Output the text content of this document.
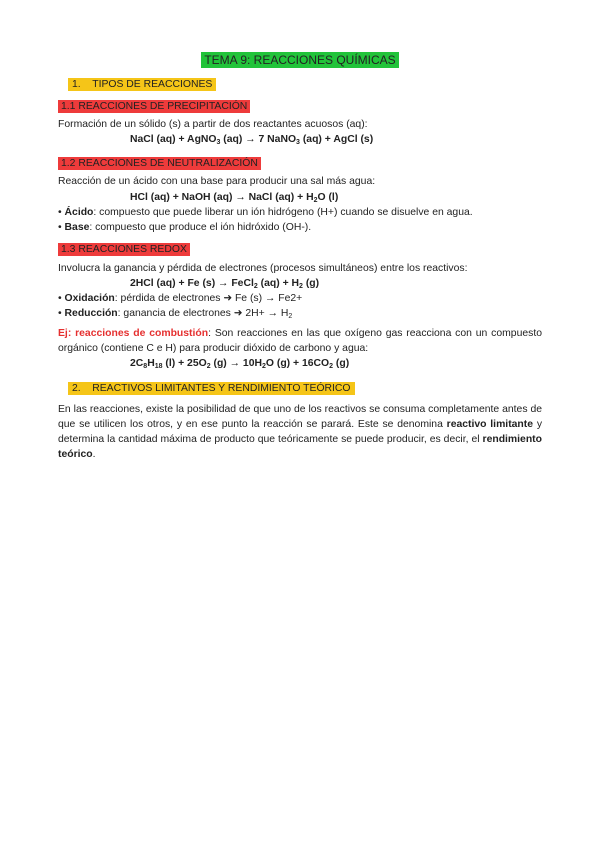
TEMA 9: REACCIONES QUÍMICAS
1. TIPOS DE REACCIONES
1.1 REACCIONES DE PRECIPITACIÓN
Formación de un sólido (s) a partir de dos reactantes acuosos (aq):
NaCl (aq) + AgNO$_3$ (aq) → 7 NaNO$_3$ (aq) + AgCl (s)
1.2 REACCIONES DE NEUTRALIZACIÓN
Reacción de un ácido con una base para producir una sal más agua:
HCl (aq) + NaOH (aq) → NaCl $(aq) + H_2O$ (l)
• Ácido: compuesto que puede liberar un ión hidrógeno (H+) cuando se disuelve en agua.
• Base: compuesto que produce el ión hidróxido (OH-).
1.3 REACCIONES REDOX
Involucra la ganancia y pérdida de electrones (procesos simultáneos) entre los reactivos:
2HCl (aq) + Fe (s) → FeCl$_2$ $(aq) + H_2$ (g)
• Oxidación: pérdida de electrones ➜ Fe (s) → Fe2+
• Reducción: ganancia de electrones ➜ $2H+ \to H_2$
Ej: reacciones de combustión: Son reacciones en las que oxígeno gas reacciona con un compuesto orgánico (contiene C e H) para producir dióxido de carbono y agua:
$2C_8H_{18}$ $(l) + 25O_2$ $(g) \to 10H_2O$ $(g) + 16CO_2$ (g)
2. REACTIVOS LIMITANTES Y RENDIMIENTO TEÓRICO
En las reacciones, existe la posibilidad de que uno de los reactivos se consuma completamente antes de que se utilicen los otros, y en ese punto la reacción se parará. Este se denomina reactivo limitante y determina la cantidad máxima de producto que teóricamente se puede producir, es decir, el rendimiento teórico.
